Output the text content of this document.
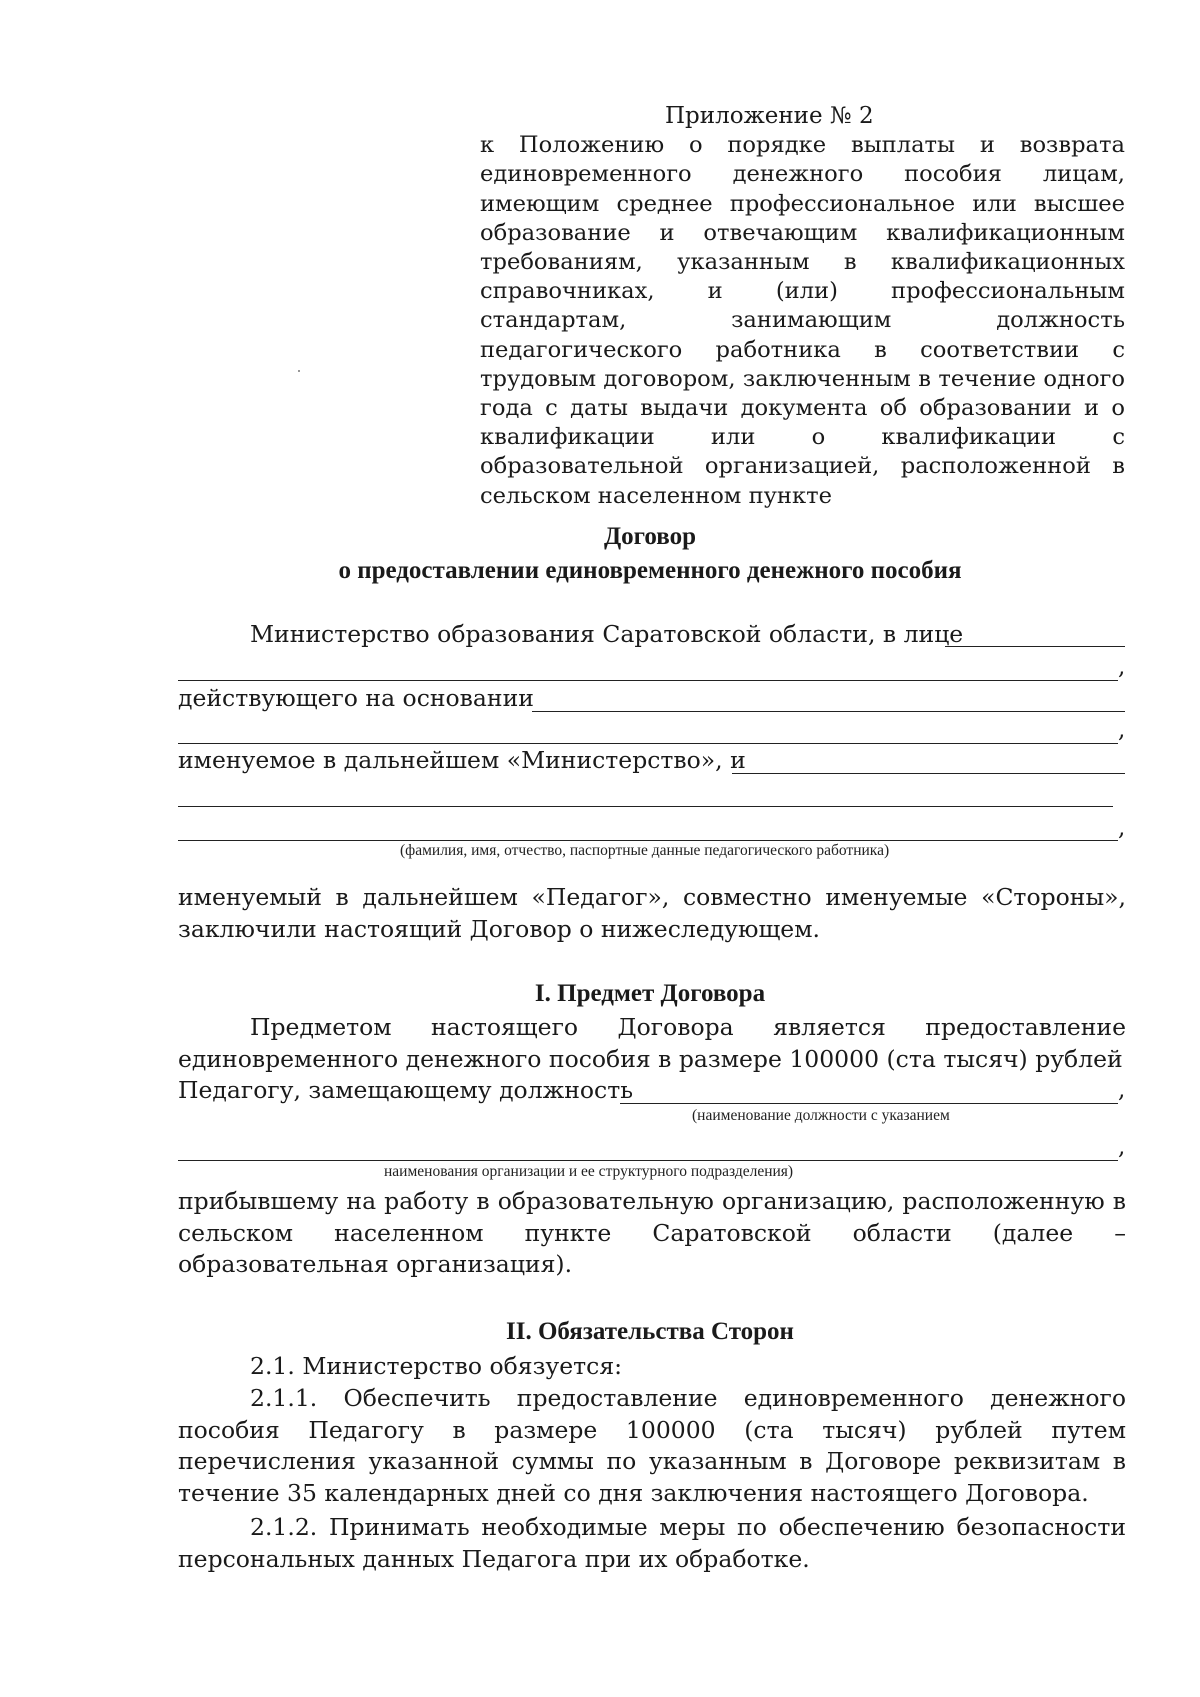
Приложение № 2

к Положению о порядке выплаты и возврата единовременного денежного пособия лицам, имеющим среднее профессиональное или высшее образование и отвечающим квалификационным требованиям, указанным в квалификационных справочниках, и (или) профессиональным стандартам, занимающим должность педагогического работника в соответствии с трудовым договором, заключенным в течение одного года с даты выдачи документа об образовании и о квалификации или о квалификации с образовательной организацией, расположенной в сельском населенном пункте

Договор
о предоставлении единовременного денежного пособия
Министерство образования Саратовской области, в лице
,
действующего на основании
,
именуемое в дальнейшем «Министерство», и
,
(фамилия, имя, отчество, паспортные данные педагогического работника)

именуемый в дальнейшем «Педагог», совместно именуемые «Стороны», заключили настоящий Договор о нижеследующем.

I. Предмет Договора

Предметом настоящего Договора является предоставление единовременного денежного пособия в размере 100000 (ста тысяч) рублей

Педагогу, замещающему должность	,
(наименование должности с указанием
,
наименования организации и ее структурного подразделения)

прибывшему на работу в образовательную организацию, расположенную в сельском населенном пункте Саратовской области (далее – образовательная организация).

II. Обязательства Сторон

2.1. Министерство обязуется:

2.1.1. Обеспечить предоставление единовременного денежного пособия Педагогу в размере 100000 (ста тысяч) рублей путем перечисления указанной суммы по указанным в Договоре реквизитам в течение 35 календарных дней со дня заключения настоящего Договора.

2.1.2. Принимать необходимые меры по обеспечению безопасности персональных данных Педагога при их обработке.
